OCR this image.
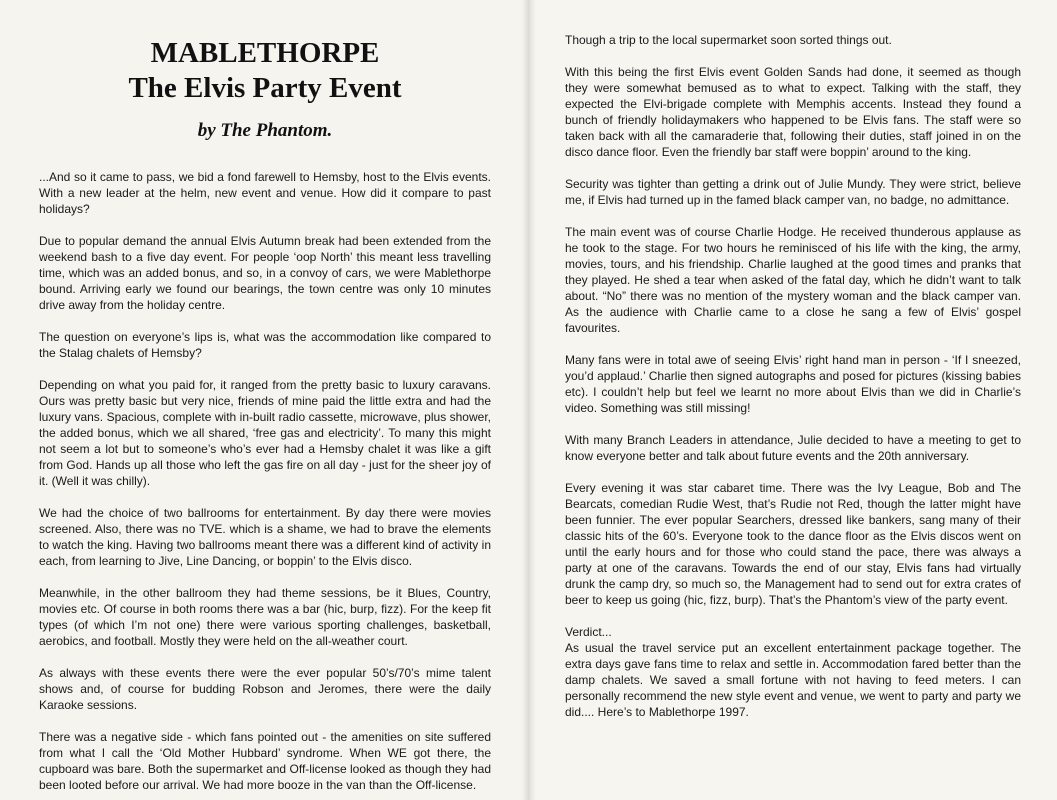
MABLETHORPE
The Elvis Party Event
by The Phantom.

...And so it came to pass, we bid a fond farewell to Hemsby, host to the Elvis events. With a new leader at the helm, new event and venue. How did it compare to past holidays?

Due to popular demand the annual Elvis Autumn break had been extended from the weekend bash to a five day event. For people ‘oop North’ this meant less travelling time, which was an added bonus, and so, in a convoy of cars, we were Mablethorpe bound. Arriving early we found our bearings, the town centre was only 10 minutes drive away from the holiday centre.

The question on everyone’s lips is, what was the accommodation like compared to the Stalag chalets of Hemsby?

Depending on what you paid for, it ranged from the pretty basic to luxury caravans. Ours was pretty basic but very nice, friends of mine paid the little extra and had the luxury vans. Spacious, complete with in-built radio cassette, microwave, plus shower, the added bonus, which we all shared, ‘free gas and electricity’. To many this might not seem a lot but to someone’s who’s ever had a Hemsby chalet it was like a gift from God. Hands up all those who left the gas fire on all day - just for the sheer joy of it. (Well it was chilly).

We had the choice of two ballrooms for entertainment. By day there were movies screened. Also, there was no TVE. which is a shame, we had to brave the elements to watch the king. Having two ballrooms meant there was a different kind of activity in each, from learning to Jive, Line Dancing, or boppin’ to the Elvis disco.

Meanwhile, in the other ballroom they had theme sessions, be it Blues, Country, movies etc. Of course in both rooms there was a bar (hic, burp, fizz). For the keep fit types (of which I’m not one) there were various sporting challenges, basketball, aerobics, and football. Mostly they were held on the all-weather court.

As always with these events there were the ever popular 50’s/70’s mime talent shows and, of course for budding Robson and Jeromes, there were the daily Karaoke sessions.

There was a negative side - which fans pointed out - the amenities on site suffered from what I call the ‘Old Mother Hubbard’ syndrome. When WE got there, the cupboard was bare. Both the supermarket and Off-license looked as though they had been looted before our arrival. We had more booze in the van than the Off-license.

Though a trip to the local supermarket soon sorted things out.

With this being the first Elvis event Golden Sands had done, it seemed as though they were somewhat bemused as to what to expect. Talking with the staff, they expected the Elvi-brigade complete with Memphis accents. Instead they found a bunch of friendly holidaymakers who happened to be Elvis fans. The staff were so taken back with all the camaraderie that, following their duties, staff joined in on the disco dance floor. Even the friendly bar staff were boppin’ around to the king.

Security was tighter than getting a drink out of Julie Mundy. They were strict, believe me, if Elvis had turned up in the famed black camper van, no badge, no admittance.

The main event was of course Charlie Hodge. He received thunderous applause as he took to the stage. For two hours he reminisced of his life with the king, the army, movies, tours, and his friendship. Charlie laughed at the good times and pranks that they played. He shed a tear when asked of the fatal day, which he didn’t want to talk about. “No” there was no mention of the mystery woman and the black camper van. As the audience with Charlie came to a close he sang a few of Elvis’ gospel favourites.

Many fans were in total awe of seeing Elvis’ right hand man in person - ‘If I sneezed, you’d applaud.’ Charlie then signed autographs and posed for pictures (kissing babies etc). I couldn’t help but feel we learnt no more about Elvis than we did in Charlie’s video. Something was still missing!

With many Branch Leaders in attendance, Julie decided to have a meeting to get to know everyone better and talk about future events and the 20th anniversary.

Every evening it was star cabaret time. There was the Ivy League, Bob and The Bearcats, comedian Rudie West, that’s Rudie not Red, though the latter might have been funnier. The ever popular Searchers, dressed like bankers, sang many of their classic hits of the 60’s. Everyone took to the dance floor as the Elvis discos went on until the early hours and for those who could stand the pace, there was always a party at one of the caravans. Towards the end of our stay, Elvis fans had virtually drunk the camp dry, so much so, the Management had to send out for extra crates of beer to keep us going (hic, fizz, burp). That’s the Phantom’s view of the party event.

Verdict...

As usual the travel service put an excellent entertainment package together. The extra days gave fans time to relax and settle in. Accommodation fared better than the damp chalets. We saved a small fortune with not having to feed meters. I can personally recommend the new style event and venue, we went to party and party we did.... Here’s to Mablethorpe 1997.
